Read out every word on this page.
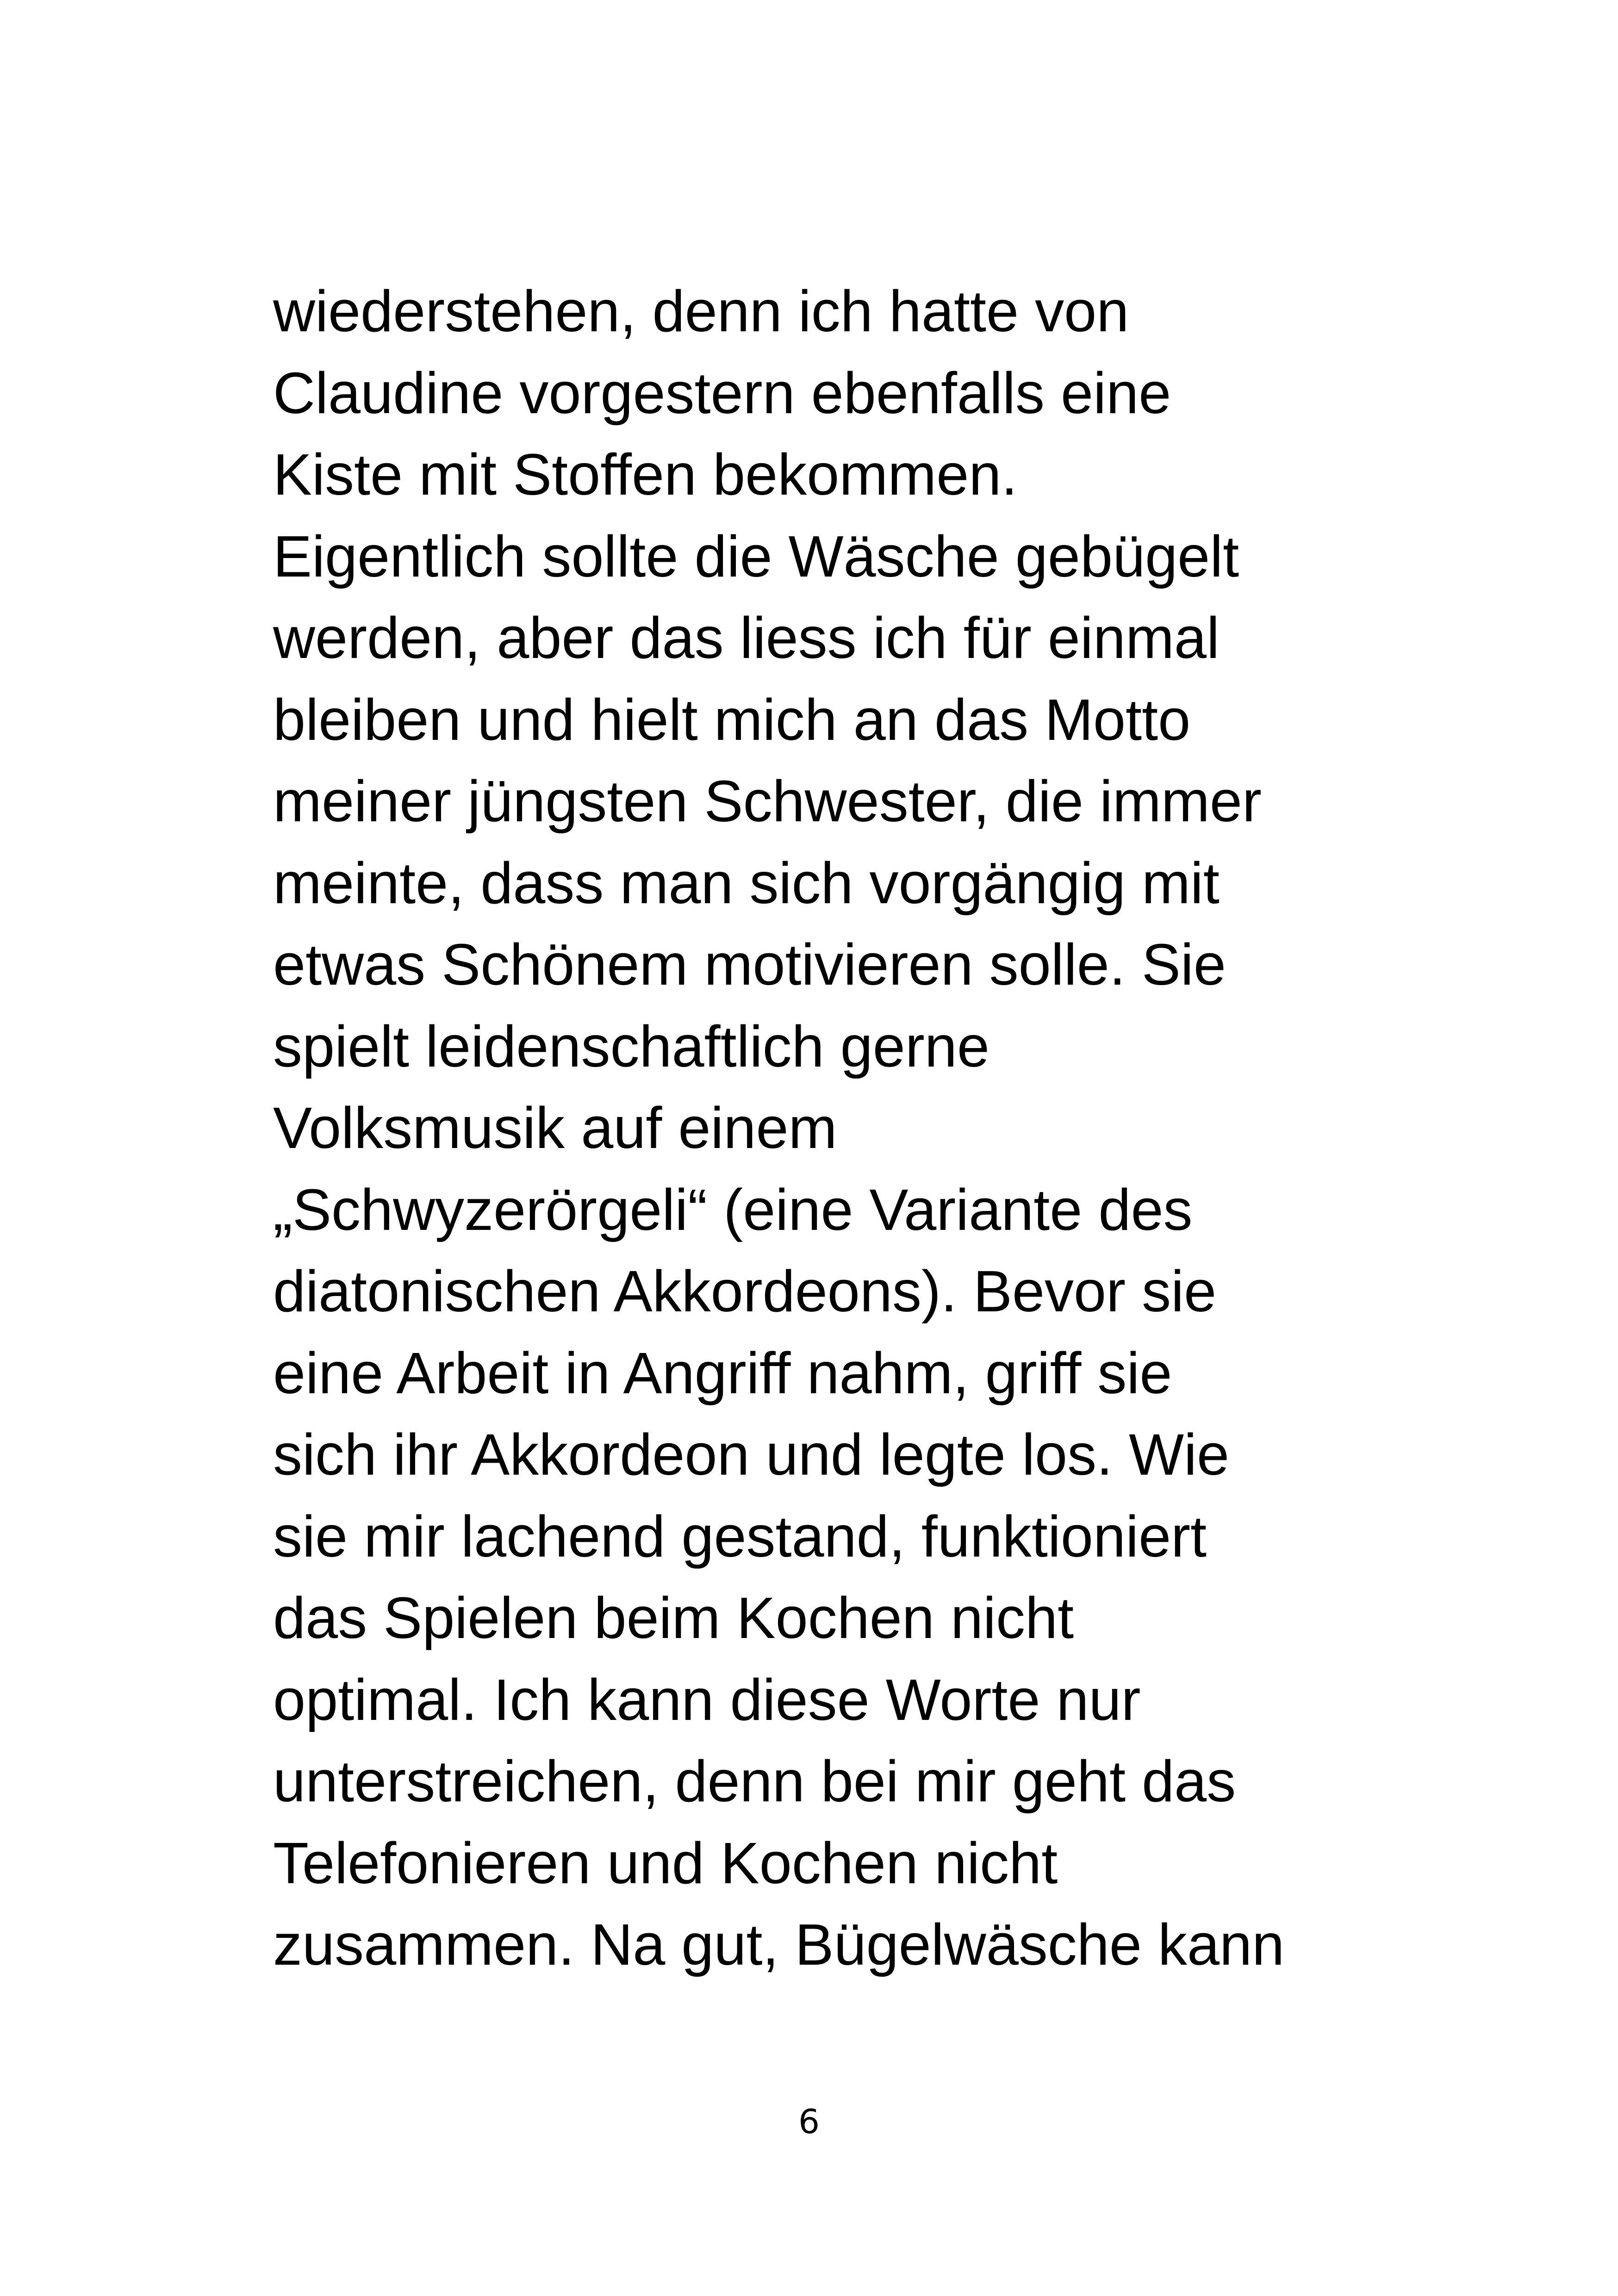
wiederstehen, denn ich hatte von
Claudine vorgestern ebenfalls eine
Kiste mit Stoffen bekommen.
Eigentlich sollte die Wäsche gebügelt
werden, aber das liess ich für einmal
bleiben und hielt mich an das Motto
meiner jüngsten Schwester, die immer
meinte, dass man sich vorgängig mit
etwas Schönem motivieren solle. Sie
spielt leidenschaftlich gerne
Volksmusik auf einem
„Schwyzerörgeli“ (eine Variante des
diatonischen Akkordeons). Bevor sie
eine Arbeit in Angriff nahm, griff sie
sich ihr Akkordeon und legte los. Wie
sie mir lachend gestand, funktioniert
das Spielen beim Kochen nicht
optimal. Ich kann diese Worte nur
unterstreichen, denn bei mir geht das
Telefonieren und Kochen nicht
zusammen. Na gut, Bügelwäsche kann
6
